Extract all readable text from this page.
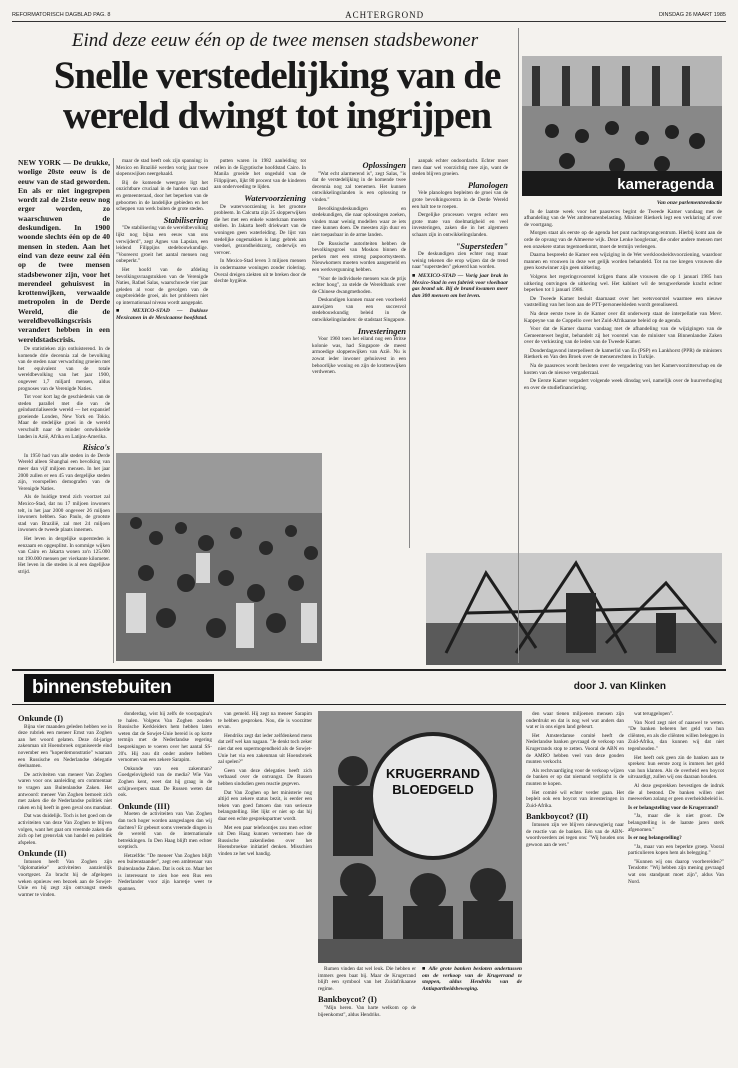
REFORMATORISCH DAGBLAD PAG. 8	ACHTERGROND	DINSDAG 26 MAART 1985
Eind deze eeuw één op de twee mensen stadsbewoner
Snelle verstedelijking van de wereld dwingt tot ingrijpen

NEW YORK — De drukke, woelige 20ste eeuw is de eeuw van de stad geworden. En als er niet ingegrepen wordt zal de 21ste eeuw nog erger worden, zo waarschuwen de deskundigen. In 1900 woonde slechts één op de 40 mensen in steden. Aan het eind van deze eeuw zal één op de twee mensen stadsbewoner zijn, voor het merendeel gehuisvest in krottenwijken, verwaalde metropolen in de Derde Wereld, die de wereldbevolkingscrisis verandert hebben in een wereldstadscrisis.

De statistieken zijn ontluisterend. In de komende drie decennia zal de bevolking van de steden naar verwachting groeien met het equivalent van de totale wereldbevolking van het jaar 1900, ongeveer 1,7 miljard mensen, aldus prognoses van de Verenigde Naties.

Tot voor kort lag de geschiedenis van de steden parallel met die van de geïndustrialiseerde wereld — het expansief groeiende Londen, New York en Tokio. Maar de stedelijke groei in de wereld verschuift naar de minder ontwikkelde landen in Azië, Afrika en Latijns-Amerika.

Risico's

In 1950 had van alle steden in de Derde Wereld alleen Shanghai een bevolking van meer dan vijf miljoen mensen. In het jaar 2000 zullen er een 45 van dergelijke steden zijn, voorspellen demografen van de Verenigde Naties.

Als de huidige trend zich voortzet zal Mexico-Stad, dat nu 17 miljoen inwoners telt, in het jaar 2000 ongeveer 26 miljoen inwoners hebben. Sao Paulo, de grootste stad van Brazilië, zal met 24 miljoen inwoners de tweede plaats innemen.

Het leven in dergelijke supersteden is eenzaam en opgesplitst. In sommige wijken van Cairo en Jakarta wonen zo'n 125.000 tot 190.000 mensen per vierkante kilometer. Het leven in die steden is al een dagelijkse strijd.

maar de stad heeft ook zijn spanning: in Mexico en Brazilië werden vorig jaar twee slopenswijken neergehaald.

Bij de komende weergave ligt het onzichtbare cruciaal in de handen van stad en gemeenteraad, door het beperken van de geboorten in de landelijke gebieden en het scheppen van werk buiten de grote steden.

Stabilisering

"De stabilisering van de wereldbevolking lijkt nog bijna een eeuw van ons verwijderd", zegt Agnes van Lapsian, een leidend Filippijns stedebouwkundige. "Vooreerst groeit het aantal mensen nog onbeperkt."

Het hoofd van de afdeling bevolkingsvraagstukken van de Verenigde Naties, Rafael Salas, waarschuwde vier jaar geleden al voor de gevolgen van de ongebreidelde groei, als het probleem niet op internationaal niveau wordt aangepakt.

■ MEXICO-STAD — Dakloze Mexicanen in de Mexicaanse hoofdstad.

putten waren in 1982 aanleiding tot rellen in de Egyptische hoofdstad Cairo. In Manila groeide het ongeduld van de Filippijnen, lijkt 80 procent van de kinderen aan ondervoeding te lijden.

Watervoorziening

De watervoorziening is het grootste probleem. In Calcutta zijn 25 slopperwijken die het met een enkele waterkraan moeten stellen. In Jakarta heeft driekwart van de woningen geen waterleiding. De lijst van stedelijke ongemakken is lang: gebrek aan voedsel, gezondheidszorg, onderwijs en vervoer.

In Mexico-Stad leven 3 miljoen mensen in ondermaatse woningen zonder riolering. Overal dreigen ziekten uit te breken door de slechte hygiëne.

Oplossingen

"Wat echt alarmerend is", zegt Salas, "is dat de verstedelijking in de komende twee decennia nog zal toenemen. Het kunnen ontwikkelingslanden is een oplossing te vinden."

Bevolkingsdeskundigen en stedekundigen, die naar oplossingen zoeken, vinden maar weinig modellen waar ze iets mee kunnen doen. De meesten zijn duur en niet toepasbaar in de arme landen.

De Russische autoriteiten hebben de bevolkingsgroei van Moskou binnen de perken met een streng paspoortsysteem. Nieuwkomers moeten worden aangemeld en een werkvergunning hebben.

"Voor de individuele mensen was de prijs echter hoog", zo stelde de Wereldbank over de Chinese dwangmethoden.

Deskundigen kunnen maar een voorbeeld aanwijzen van een succesvol stedebouwkundig beleid in de ontwikkelingslanden: de stadstaat Singapore.

Investeringen

Voor 1960 toen het eiland nog een Britse kolonie was, had Singapore de meest armoedige sloppenwijken van Azië. Nu is zowat ieder inwoner gehuisvest in een behoorlijke woning en zijn de krottenwijken verdwenen.

aanpak echter ondoordacht. Echter moet men daar wel voorzichtig mee zijn, want de steden blijven groeien.

Planologen

Vele planologen bepleiten de groei van de grote bevolkingscentra in de Derde Wereld een halt toe te roepen.

Dergelijke processen vergen echter een grote mate van doelmatigheid en veel investeringen, zaken die in het algemeen schaars zijn in ontwikkelingslanden.

"Supersteden"

De deskundigen zien echter nog maar weinig tekenen die erop wijzen dat de trend naar "supersteden" gekeerd kan worden.

■ MEXICO-STAD — Vorig jaar brak in Mexico-Stad in een fabriek voor vloeibaar gas brand uit. Bij de brand kwamen meer dan 300 mensen om het leven.

kameragenda

Van onze parlementsredactie

In de laatste week voor het paasreces begint de Tweede Kamer vandaag met de afhandeling van de Wet ambtenarenbelasting. Minister Rietkerk legt een verklaring af over de voortgang.

Morgen staat als eerste op de agenda het punt nachtopvangcentrum. Hierbij komt aan de orde de opvang van de Almeerse wijk. Deze Lenke hoogleraar, die onder andere mensen met een onzekere status tegemoetkomt, moet de termijn verlengen.

Daarna bespreekt de Kamer een wijziging in de Wet werkloosheidsvoorziening, waardoor mannen en vrouwen in deze wet gelijk worden behandeld. Tot nu toe kregen vrouwen die geen kostwinner zijn geen uitkering.

Volgens het regeringsvoorstel krijgen thans alle vrouwen die op 1 januari 1985 hun uitkering ontvingen de uitkering wel. Het kabinet wil de terugwerkende kracht echter beperken tot 1 januari 1986.

De Tweede Kamer besluit daarnaast over het wetsvoorstel waarmee een nieuwe vaststelling van het loon aan de PTT-personeelsleden wordt gerealiseerd.

Na deze eerste twee in de Kamer over dit onderwerp staat de interpellatie van Mevr. Kappeyne van de Coppello over het Zuid-Afrikaanse beleid op de agenda.

Voor dat de Kamer daarna vandaag met de afhandeling van de wijzigingen van de Gemeentewet begint, behandelt zij het voorstel van de minister van Binnenlandse Zaken over de verkiezing van de leden van de Tweede Kamer.

Donderdagavond interpelleert de kamerlid van Es (PSP) en Lankhorst (PPR) de ministers Rietkerk en Van den Broek over de mensenrechten in Turkije.

Na de paasreces wordt besloten over de vergadering van het Kamervoorzitterschap en de kosten van de nieuwe vergaderzaal.

De Eerste Kamer vergadert volgende week dinsdag wel, namelijk over de huurverhoging en over de studiefinanciering.

binnenstebuiten	door J. van Klinken

Onkunde (I)

Bijna vier maanden geleden hebben we in deze rubriek een meneer Ernst van Zoghen aan het woord gelaten. Deze 44-jarige zakenman uit Hoensbroek organiseerde eind november een "koperdemonstratie" waaraan een Russische en Nederlandse delegatie deelnamen.

De activiteiten van meneer Van Zoghen waren voor ons aanleiding om commentaar te vragen aan Buitenlandse Zaken. Het antwoord: meneer Van Zoghen bemoeit zich met zaken die de Nederlandse politiek niet raken en hij heeft in geen geval ons mandaat.

Dat was duidelijk. Toch is het goed om de activiteiten van deze Van Zoghen te blijven volgen, want het gaat om vreemde zaken die zich op het grensvlak van handel en politiek afspelen.

Onkunde (II)

Intussen heeft Van Zoghen zijn "diplomatieke" activiteiten aanzienlijk voortgezet. Zo bracht hij de afgelopen weken opnieuw een bezoek aan de Sowjet-Unie en hij zegt zijn ontvangst steeds warmer te vinden.

donderdag, wist hij zelfs de voorpagina's te halen. Volgens Van Zoghen zouden Russische Kerkleiders hem hebben laten weten dat de Sowjet-Unie bereid is op korte termijn met de Nederlandse regering besprekingen te voeren over het aantal SS-20's. Hij zou dit onder andere hebben vernomen van een zekere Sarapim.

Onkunde van een zakenman? Goedgelovigheid van de media? Wie Van Zoghen kent, weet dat hij graag in de schijnwerpers staat. De Russen weten dat ook.

Onkunde (III)

Moeten de activiteiten van Van Zoghen dan toch hoger worden aangeslagen dan wij dachten? Er gebeurt soms vreemde dingen in de wereld van de internationale betrekkingen. In Den Haag blijft men echter sceptisch.

Hetzelfde: "De meneer Van Zoghen blijft een buitenstaander", zegt een ambtenaar van Buitenlandse Zaken. Dat is ook zo. Maar het is interessant te zien hoe een Rus een Nederlander voor zijn karretje weet te spannen.

van gemeld. Hij zegt na meneer Sarapim te hebben gesproken. Nou, die is voorzitter ervan.

Hendriks zegt dat ieder zelfdenkend mens dat zelf wel kan nagaan. "Je denkt toch zeker niet dat een supermogendheid als de Sowjet-Unie het via een zakenman uit Hoensbroek zal spelen?"

Geen van deze delegaties heeft zich verbaasd over de ontvangst. De Russen hebben sindsdien geen reactie gegeven.

Dat Van Zoghen op het ministerie nog altijd een zekere status bezit, is eerder een teken van goed fatsoen dan van serieuze belangstelling. Het lijkt er niet op dat hij daar een echte gesprekspartner wordt.

Met een paar telefoontjes zou men echter uit Den Haag kunnen vernemen hoe de Russische zakenlieden over het Hoensbroekse initiatief denken. Misschien vinden ze het wel handig.

KRUGERRAND
BLOEDGELD

Rumen vinden dat wel leuk. Die hebben er immers geen baat bij. Maar de Krugerrand blijft een symbool van het Zuidafrikaanse regime.

Bankboycot? (I)

"Mijn heren. Van harte welkom op de bijeenkomst", aldus Hendriks.

■ Alle grote banken besloten ondertussen om de verkoop van de Krugerrand te stoppen, aldus Hendriks van de Antiapartheidsbeweging.

den waar tienen miljoenen mensen zijn onderdrukt en dat is nog wel wat anders dan wat er in ons eigen land gebeurt.

Het Amsterdamse comité heeft de Nederlandse banken gevraagd de verkoop van Krugerrands stop te zetten. Vooral de ABN en de AMRO hebben veel van deze gouden munten verkocht.

Als rechtvaardiging voor de verkoop wijzen de banken er op dat niemand verplicht is de munten te kopen.

Het comité wil echter verder gaan. Het bepleit ook een boycot van investeringen in Zuid-Afrika.

Bankboycot? (II)

Intussen zijn we blijven nieuwsgierig naar de reactie van de banken. Eén van de ABN-woordvoerders zei tegen ons: "Wij houden ons gewoon aan de wet."

wat teruggelopen".

Van Nord zegt niet of naaswel te weten. "De banken beheren het geld van hun cliënten, en als die cliënten willen beleggen in Zuid-Afrika, dan kunnen wij dat niet tegenhouden."

Het heeft ook geen zin de banken aan te spreken: hun eerste zorg is immers het geld van hun klanten. Als de overheid een boycot uitvaardigt, zullen wij ons daaraan houden.

Al deze gesprekken bevestigen de indruk die al bestond. De banken willen niet meewerken zolang er geen overheidsbeleid is.

Is er belangstelling voor de Krugerrand?

"Ja, maar die is niet groot. De belangstelling is de laatste jaren sterk afgenomen."

Is er nog belangstelling?

"Ja, maar van een beperkte groep. Vooral particulieren kopen hem als belegging."

"Kunnen wij ons daarop voorbereiden?" Tenslotte: "Wij hebben zijn mening gevraagd wat ons standpunt moet zijn", aldus Van Nord.
